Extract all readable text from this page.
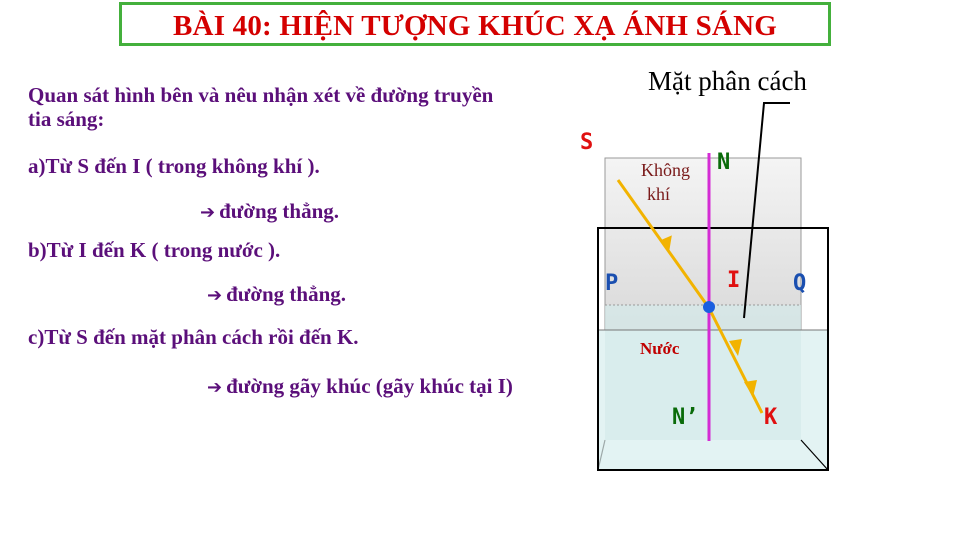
BÀI 40: HIỆN TƯỢNG KHÚC XẠ ÁNH SÁNG
Quan sát hình bên và nêu nhận xét về đường truyền
tia sáng:
a)Từ S đến I ( trong không khí ).
➔ đường thẳng.
b)Từ I đến K ( trong nước ).
➔ đường thẳng.
c)Từ S đến mặt phân cách rồi đến K.
➔ đường gãy khúc (gãy khúc tại I)
Mặt phân cách
S
Không
khí
N
P	I Q
Nước
N’	K
